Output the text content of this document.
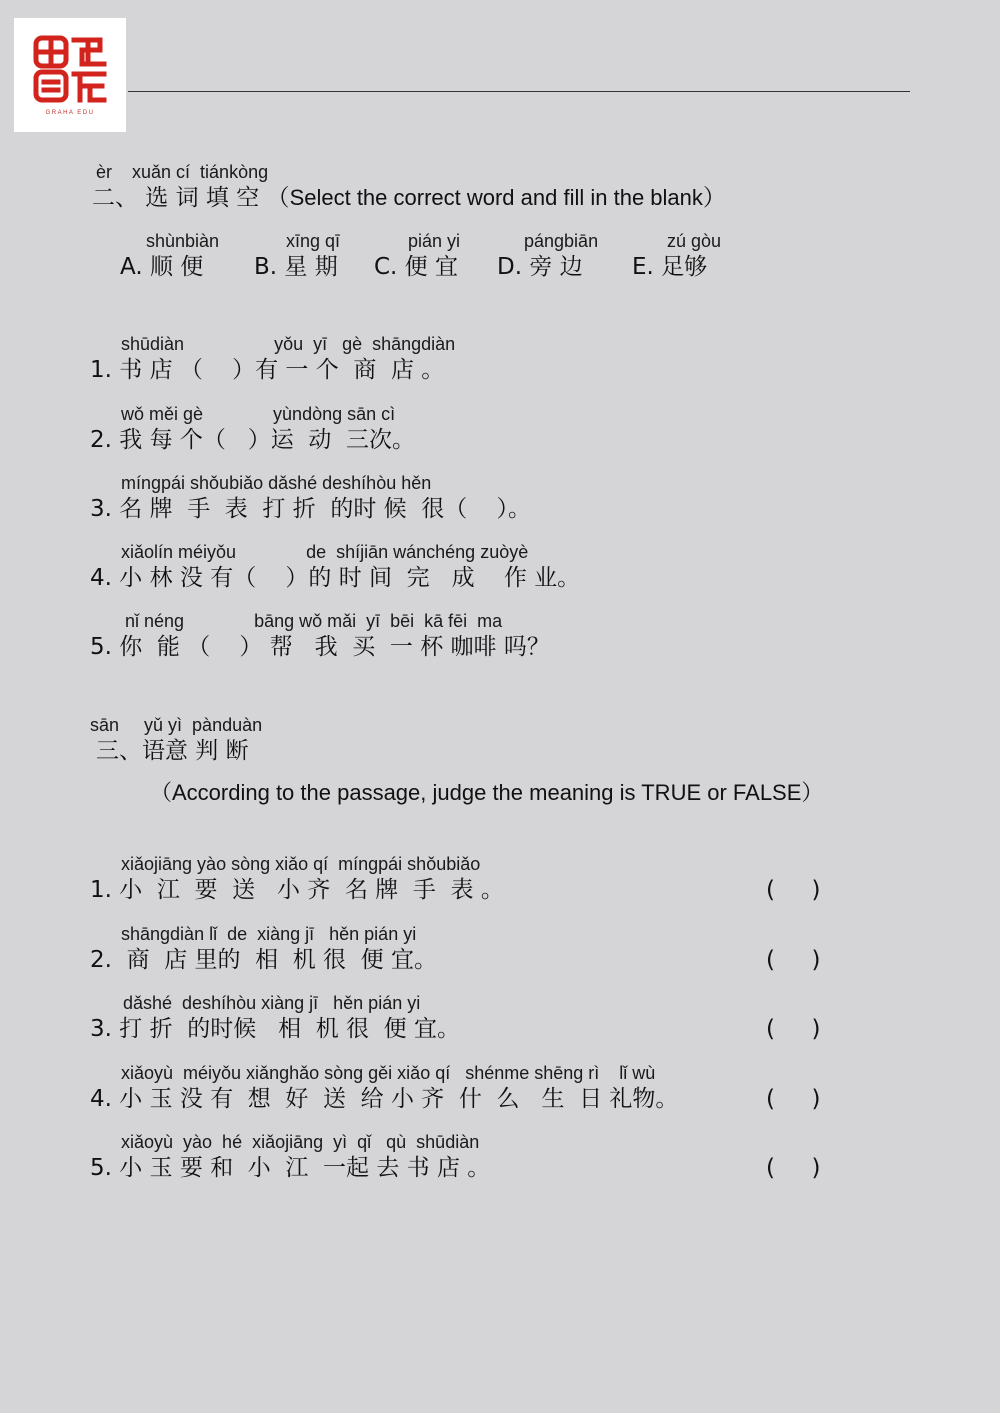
GRAHA EDU
èr    xuǎn cí  tiánkòng
二、 选 词 填 空 （Select the correct word and fill in the blank）
shùnbiàn	xīng qī	pián yi	pángbiān	zú gòu
A. 顺 便 B. 星 期 C. 便 宜 D. 旁 边 E. 足够
shūdiàn                  yǒu  yī   gè  shāngdiàn
1. 书 店 （    ）有 一 个  商  店 。
wǒ měi gè              yùndòng sān cì
2. 我 每 个（   ）运  动  三次。
míngpái shǒubiǎo dǎshé deshíhòu hěn
3. 名 牌  手  表  打 折  的时 候  很（    ）。
xiǎolín méiyǒu              de  shíjiān wánchéng zuòyè
4. 小 林 没 有（    ）的 时 间  完   成    作 业。
nǐ néng              bāng wǒ mǎi  yī  bēi  kā fēi  ma
5. 你  能 （    ） 帮   我  买  一 杯 咖啡 吗？
sān     yǔ yì  pànduàn
三、语意 判 断
（According to the passage, judge the meaning is TRUE or FALSE）
xiǎojiāng yào sòng xiǎo qí  míngpái shǒubiǎo
1. 小  江  要  送   小 齐  名 牌  手  表 。	(     )
shāngdiàn lǐ  de  xiàng jī   hěn pián yi
2.  商  店 里的  相  机 很  便 宜。	(     )
dǎshé  deshíhòu xiàng jī   hěn pián yi
3. 打 折  的时候   相  机 很  便 宜。	(     )
xiǎoyù  méiyǒu xiǎnghǎo sòng gěi xiǎo qí   shénme shēng rì    lǐ wù
4. 小 玉 没 有  想  好  送  给 小 齐  什  么   生  日 礼物。	(     )
xiǎoyù  yào  hé  xiǎojiāng  yì  qǐ   qù  shūdiàn
5. 小 玉 要 和  小  江  一起 去 书 店 。	(     )
